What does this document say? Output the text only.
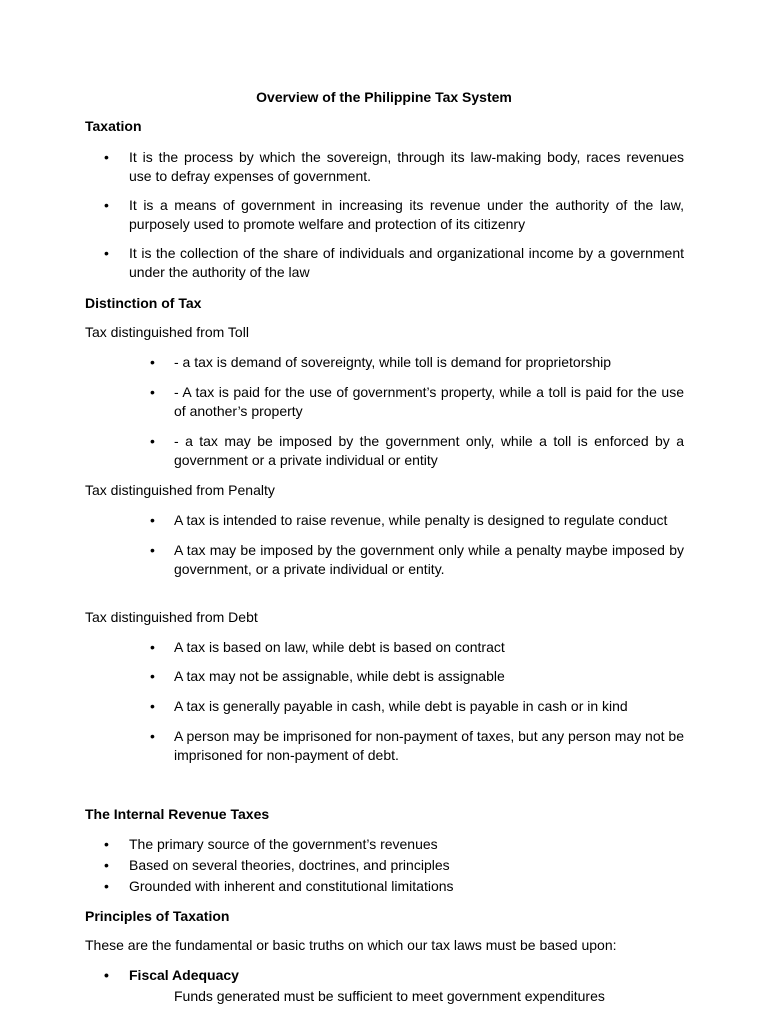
Overview of the Philippine Tax System
Taxation
• It is the process by which the sovereign, through its law-making body, races revenues use to defray expenses of government.
• It is a means of government in increasing its revenue under the authority of the law, purposely used to promote welfare and protection of its citizenry
• It is the collection of the share of individuals and organizational income by a government under the authority of the law
Distinction of Tax
Tax distinguished from Toll
• - a tax is demand of sovereignty, while toll is demand for proprietorship
• - A tax is paid for the use of government’s property, while a toll is paid for the use of another’s property
• - a tax may be imposed by the government only, while a toll is enforced by a government or a private individual or entity
Tax distinguished from Penalty
• A tax is intended to raise revenue, while penalty is designed to regulate conduct
• A tax may be imposed by the government only while a penalty maybe imposed by government, or a private individual or entity.
Tax distinguished from Debt
• A tax is based on law, while debt is based on contract
• A tax may not be assignable, while debt is assignable
• A tax is generally payable in cash, while debt is payable in cash or in kind
• A person may be imprisoned for non-payment of taxes, but any person may not be imprisoned for non-payment of debt.
The Internal Revenue Taxes
• The primary source of the government’s revenues
• Based on several theories, doctrines, and principles
• Grounded with inherent and constitutional limitations
Principles of Taxation
These are the fundamental or basic truths on which our tax laws must be based upon:
• Fiscal Adequacy
Funds generated must be sufficient to meet government expenditures
